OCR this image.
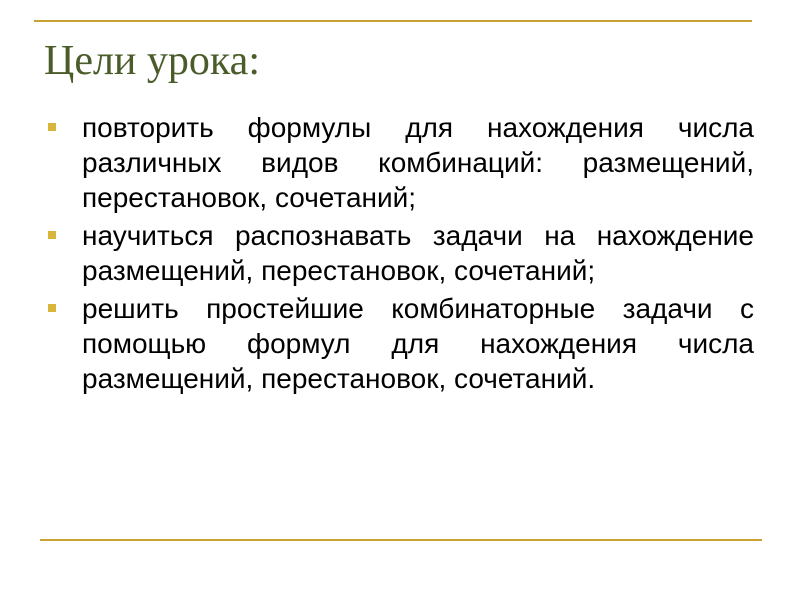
Цели урока:
повторить формулы для нахождения числа различных видов комбинаций: размещений, перестановок, сочетаний;
научиться распознавать задачи на нахождение размещений, перестановок, сочетаний;
решить простейшие комбинаторные задачи с помощью формул для нахождения числа размещений, перестановок, сочетаний.
